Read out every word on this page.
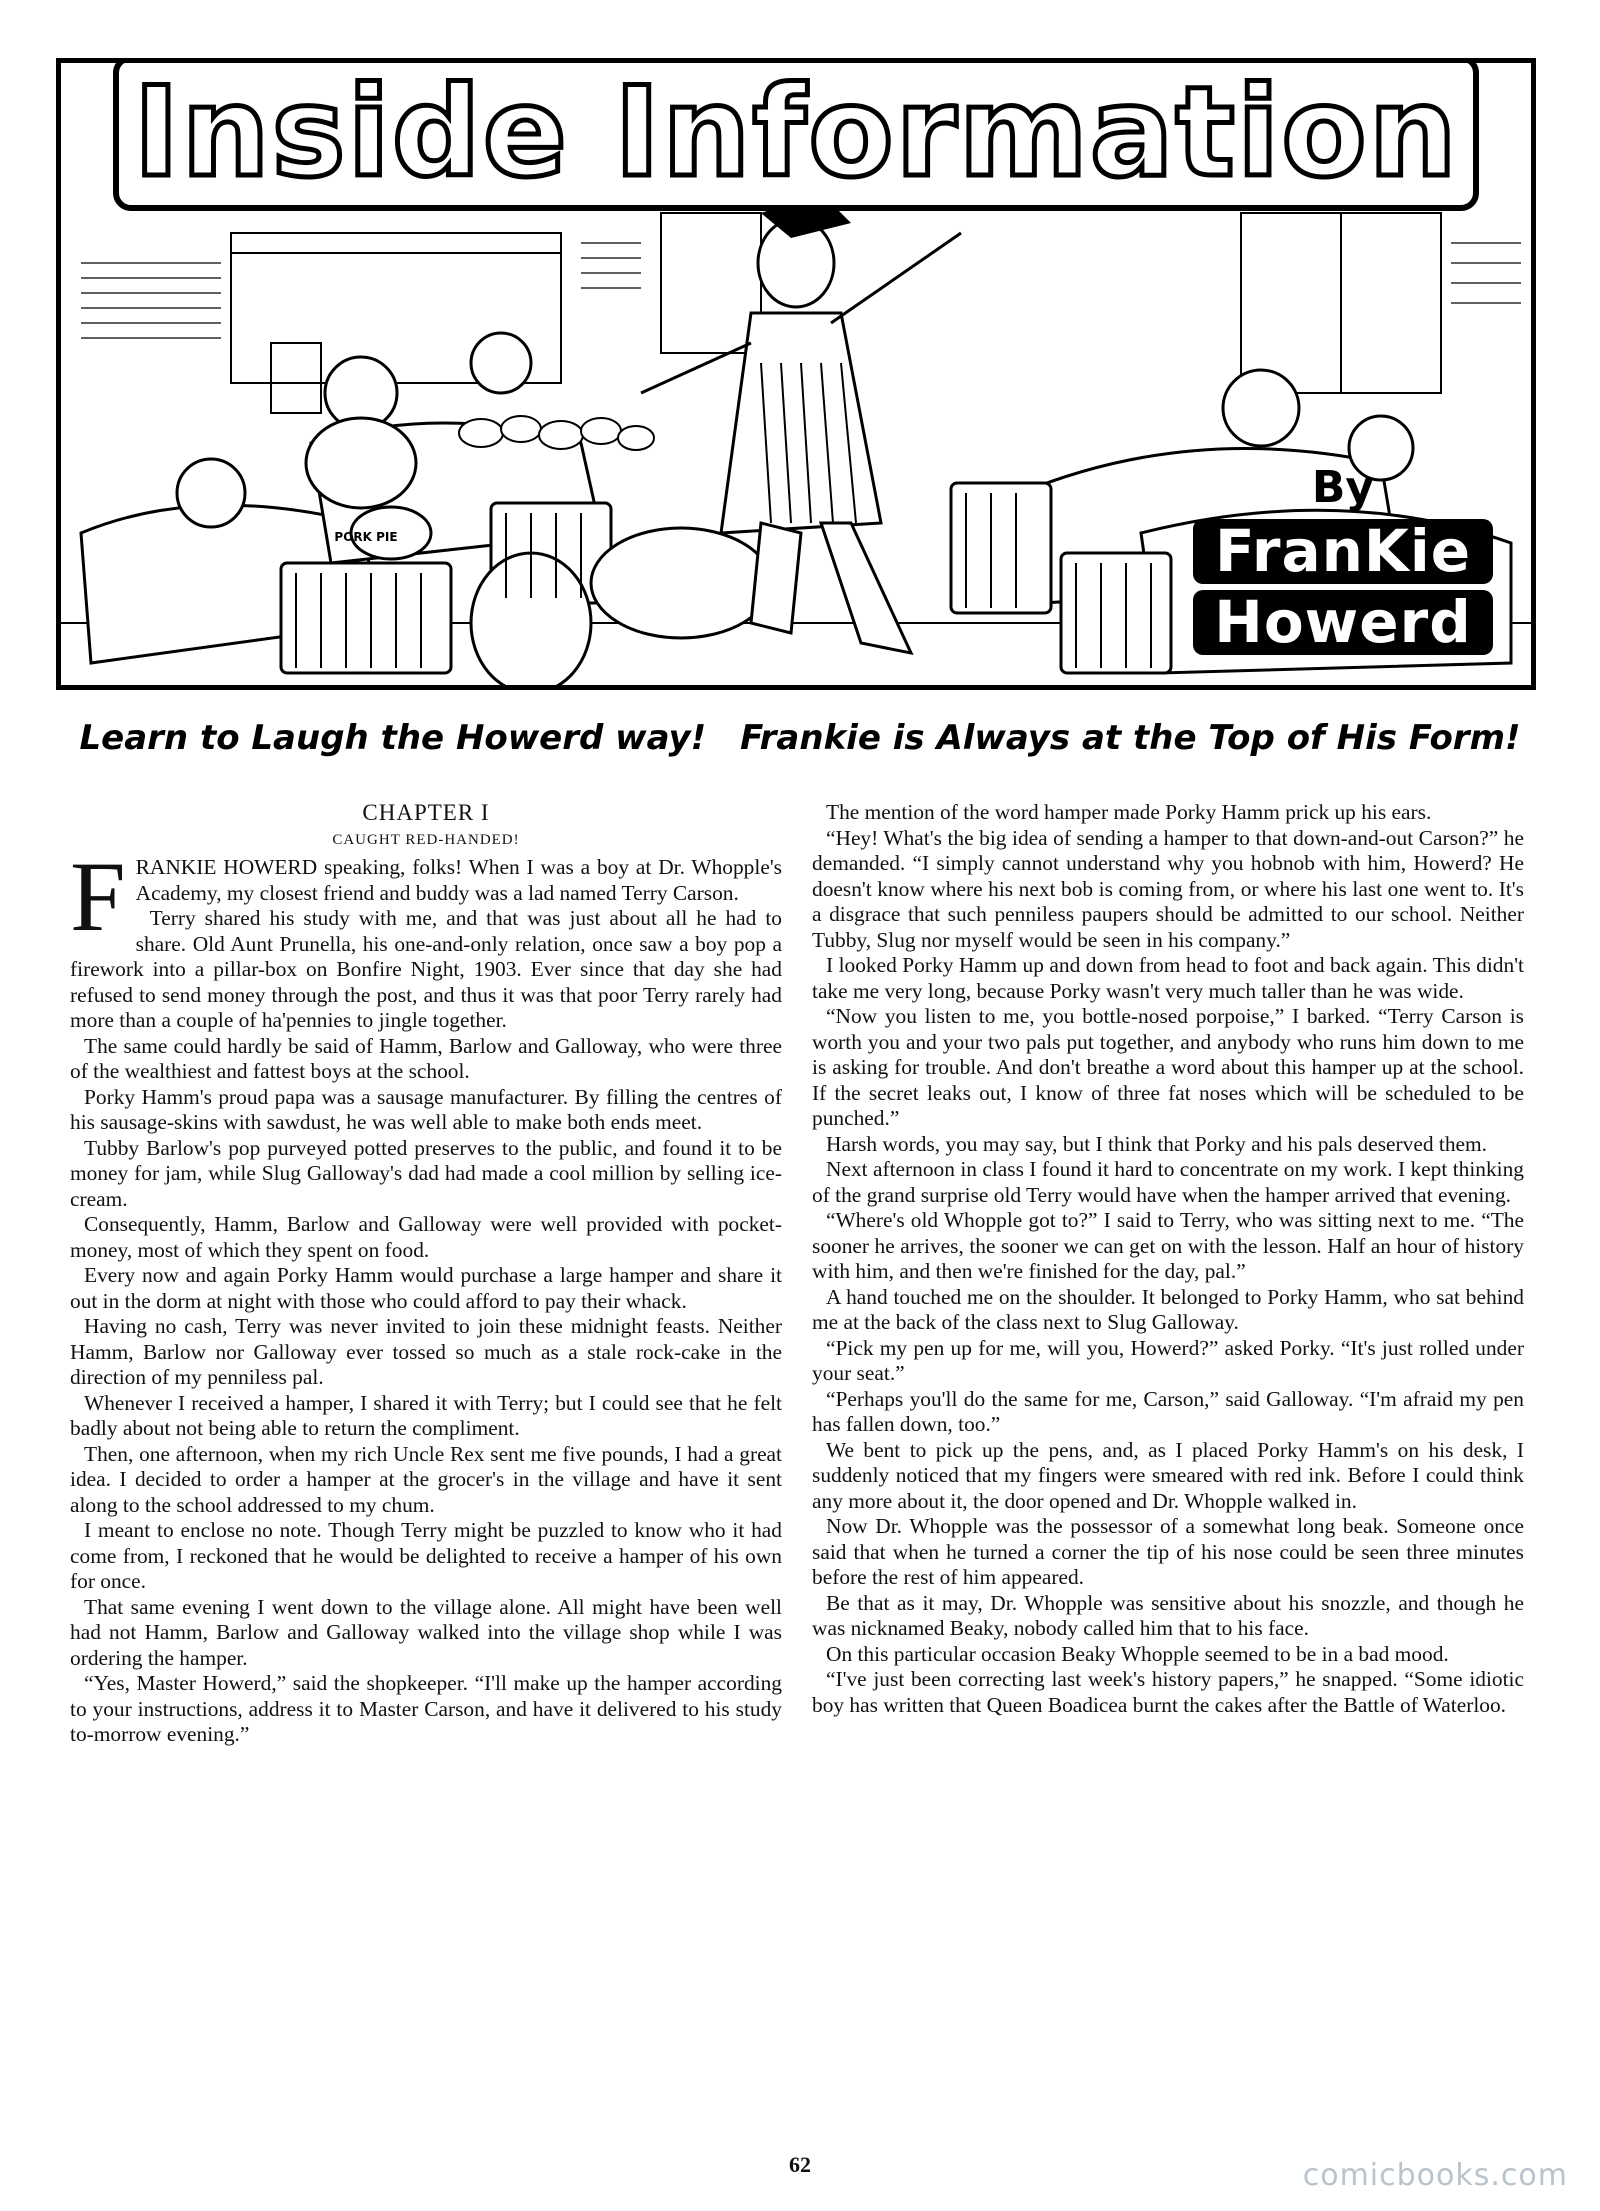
PORK PIE
Inside Information
By
FranKie
Howerd
Learn to Laugh the Howerd way! Frankie is Always at the Top of His Form!
CHAPTER I
CAUGHT RED-HANDED!

FRANKIE HOWERD speaking, folks! When I was a boy at Dr. Whopple's Academy, my closest friend and buddy was a lad named Terry Carson.

Terry shared his study with me, and that was just about all he had to share. Old Aunt Prunella, his one-and-only relation, once saw a boy pop a firework into a pillar-box on Bonfire Night, 1903. Ever since that day she had refused to send money through the post, and thus it was that poor Terry rarely had more than a couple of ha'pennies to jingle together.

The same could hardly be said of Hamm, Barlow and Galloway, who were three of the wealthiest and fattest boys at the school.

Porky Hamm's proud papa was a sausage manufacturer. By filling the centres of his sausage-skins with sawdust, he was well able to make both ends meet.

Tubby Barlow's pop purveyed potted preserves to the public, and found it to be money for jam, while Slug Galloway's dad had made a cool million by selling ice-cream.

Consequently, Hamm, Barlow and Galloway were well provided with pocket-money, most of which they spent on food.

Every now and again Porky Hamm would purchase a large hamper and share it out in the dorm at night with those who could afford to pay their whack.

Having no cash, Terry was never invited to join these midnight feasts. Neither Hamm, Barlow nor Galloway ever tossed so much as a stale rock-cake in the direction of my penniless pal.

Whenever I received a hamper, I shared it with Terry; but I could see that he felt badly about not being able to return the compliment.

Then, one afternoon, when my rich Uncle Rex sent me five pounds, I had a great idea. I decided to order a hamper at the grocer's in the village and have it sent along to the school addressed to my chum.

I meant to enclose no note. Though Terry might be puzzled to know who it had come from, I reckoned that he would be delighted to receive a hamper of his own for once.

That same evening I went down to the village alone. All might have been well had not Hamm, Barlow and Galloway walked into the village shop while I was ordering the hamper.

“Yes, Master Howerd,” said the shopkeeper. “I'll make up the hamper according to your instructions, address it to Master Carson, and have it delivered to his study to-morrow evening.”

The mention of the word hamper made Porky Hamm prick up his ears.

“Hey! What's the big idea of sending a hamper to that down-and-out Carson?” he demanded. “I simply cannot understand why you hobnob with him, Howerd? He doesn't know where his next bob is coming from, or where his last one went to. It's a disgrace that such penniless paupers should be admitted to our school. Neither Tubby, Slug nor myself would be seen in his company.”

I looked Porky Hamm up and down from head to foot and back again. This didn't take me very long, because Porky wasn't very much taller than he was wide.

“Now you listen to me, you bottle-nosed porpoise,” I barked. “Terry Carson is worth you and your two pals put together, and anybody who runs him down to me is asking for trouble. And don't breathe a word about this hamper up at the school. If the secret leaks out, I know of three fat noses which will be scheduled to be punched.”

Harsh words, you may say, but I think that Porky and his pals deserved them.

Next afternoon in class I found it hard to concentrate on my work. I kept thinking of the grand surprise old Terry would have when the hamper arrived that evening.

“Where's old Whopple got to?” I said to Terry, who was sitting next to me. “The sooner he arrives, the sooner we can get on with the lesson. Half an hour of history with him, and then we're finished for the day, pal.”

A hand touched me on the shoulder. It belonged to Porky Hamm, who sat behind me at the back of the class next to Slug Galloway.

“Pick my pen up for me, will you, Howerd?” asked Porky. “It's just rolled under your seat.”

“Perhaps you'll do the same for me, Carson,” said Galloway. “I'm afraid my pen has fallen down, too.”

We bent to pick up the pens, and, as I placed Porky Hamm's on his desk, I suddenly noticed that my fingers were smeared with red ink. Before I could think any more about it, the door opened and Dr. Whopple walked in.

Now Dr. Whopple was the possessor of a somewhat long beak. Someone once said that when he turned a corner the tip of his nose could be seen three minutes before the rest of him appeared.

Be that as it may, Dr. Whopple was sensitive about his snozzle, and though he was nicknamed Beaky, nobody called him that to his face.

On this particular occasion Beaky Whopple seemed to be in a bad mood.

“I've just been correcting last week's history papers,” he snapped. “Some idiotic boy has written that Queen Boadicea burnt the cakes after the Battle of Waterloo.

62	comicbooks.com
